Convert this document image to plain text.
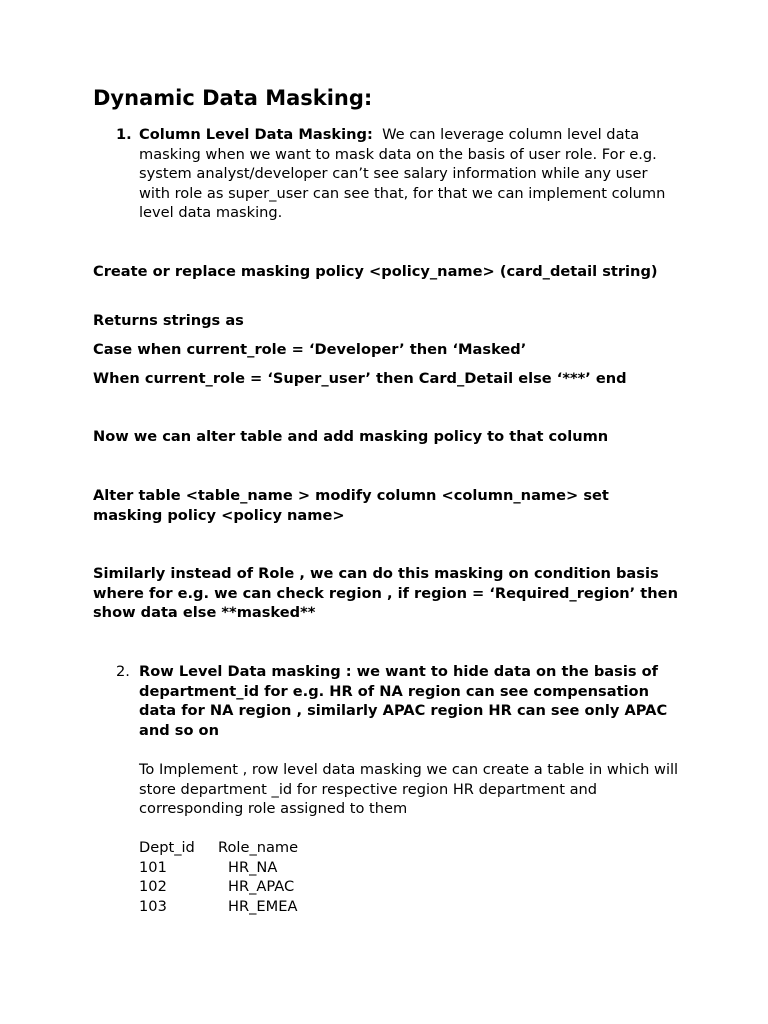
Dynamic Data Masking:
1. Column Level Data Masking:  We can leverage column level data masking when we want to mask data on the basis of user role. For e.g. system analyst/developer can’t see salary information while any user with role as super_user can see that, for that we can implement column level data masking.
Create or replace masking policy <policy_name> (card_detail string)
Returns strings as
Case when current_role = ‘Developer’ then ‘Masked’
When current_role = ‘Super_user’ then Card_Detail else ‘***’ end
Now we can alter table and add masking policy to that column
Alter table <table_name > modify column <column_name> set masking policy <policy name>
Similarly instead of Role , we can do this masking on condition basis where for e.g. we can check region , if region = ‘Required_region’ then show data else **masked**
2. Row Level Data masking : we want to hide data on the basis of department_id for e.g. HR of NA region can see compensation data for NA region , similarly APAC region HR can see only APAC and so on
To Implement , row level data masking we can create a table in which will store department _id for respective region HR department and corresponding role assigned to them
Dept_id	Role_name
101	HR_NA
102	HR_APAC
103	HR_EMEA
